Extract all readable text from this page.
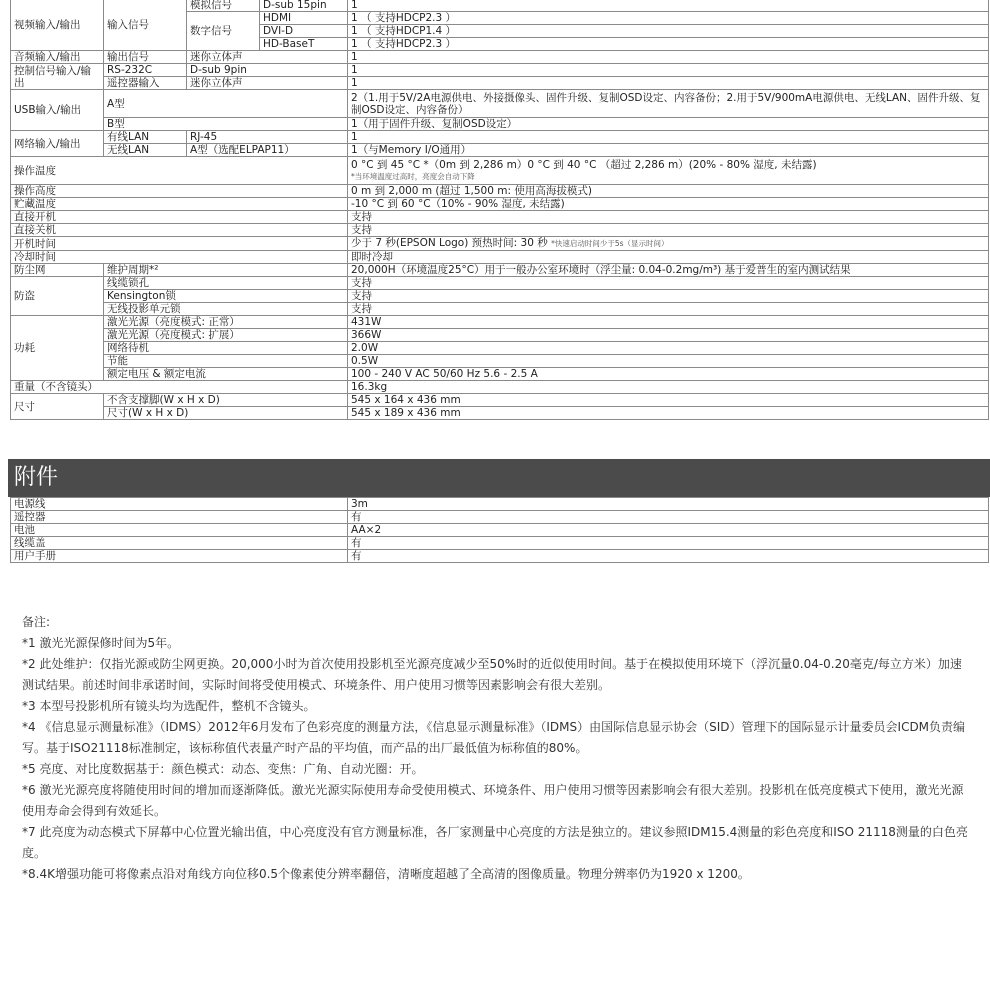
视频输入/输出	输入信号	模拟信号	D-sub 15pin	1
		数字信号	HDMI	1 （ 支持HDCP2.3 ）
			DVI-D	1 （ 支持HDCP1.4 ）
			HD-BaseT	1 （ 支持HDCP2.3 ）
音频输入/输出	输出信号	迷你立体声		1
控制信号输入/输出	RS-232C	D-sub 9pin		1
	遥控器输入	迷你立体声		1
USB输入/输出	A型			2（1.用于5V/2A电源供电、外接摄像头、固件升级、复制OSD设定、内容备份；2.用于5V/900mA电源供电、无线LAN、固件升级、复制OSD设定、内容备份）
	B型			1（用于固件升级、复制OSD设定）
网络输入/输出	有线LAN	RJ-45		1
	无线LAN	A型（选配ELPAP11）		1（与Memory I/O通用）
操作温度				0 °C 到 45 °C *（0m 到 2,286 m）0 °C 到 40 °C （超过 2,286 m）(20% - 80% 湿度, 未结露)
*当环境温度过高时，亮度会自动下降

操作高度				0 m 到 2,000 m (超过 1,500 m: 使用高海拔模式)
贮藏温度				-10 °C 到 60 °C（10% - 90% 湿度, 未结露)
直接开机				支持
直接关机				支持
开机时间				少于 7 秒(EPSON Logo) 预热时间: 30 秒 *快速启动时间少于5s（显示时间）
冷却时间				即时冷却
防尘网	维护周期*²			20,000H（环境温度25°C）用于一般办公室环境时（浮尘量: 0.04-0.2mg/m³) 基于爱普生的室内测试结果
防盗	线缆锁孔			支持
	Kensington锁			支持
	无线投影单元锁			支持
功耗	激光光源（亮度模式: 正常）			431W
	激光光源（亮度模式: 扩展）			366W
	网络待机			2.0W
	节能			0.5W
	额定电压 & 额定电流			100 - 240 V AC 50/60 Hz 5.6 - 2.5 A
重量（不含镜头）				16.3kg
尺寸	不含支撑脚(W x H x D)			545 x 164 x 436 mm
	尺寸(W x H x D)			545 x 189 x 436 mm
附件
电源线	3m
遥控器	有
电池	AA×2
线缆盖	有
用户手册	有

备注:

*1 激光光源保修时间为5年。

*2 此处维护：仅指光源或防尘网更换。20,000小时为首次使用投影机至光源亮度减少至50%时的近似使用时间。基于在模拟使用环境下（浮沉量0.04-0.20毫克/每立方米）加速测试结果。前述时间非承诺时间，实际时间将受使用模式、环境条件、用户使用习惯等因素影响会有很大差别。

*3 本型号投影机所有镜头均为选配件，整机不含镜头。

*4 《信息显示测量标准》（IDMS）2012年6月发布了色彩亮度的测量方法，《信息显示测量标准》（IDMS）由国际信息显示协会（SID）管理下的国际显示计量委员会ICDM负责编写。基于ISO21118标准制定，该标称值代表量产时产品的平均值，而产品的出厂最低值为标称值的80%。

*5 亮度、对比度数据基于：颜色模式：动态、变焦：广角、自动光圈：开。

*6 激光光源亮度将随使用时间的增加而逐渐降低。激光光源实际使用寿命受使用模式、环境条件、用户使用习惯等因素影响会有很大差别。投影机在低亮度模式下使用，激光光源使用寿命会得到有效延长。

*7 此亮度为动态模式下屏幕中心位置光输出值，中心亮度没有官方测量标准，各厂家测量中心亮度的方法是独立的。建议参照IDM15.4测量的彩色亮度和ISO 21118测量的白色亮度。

*8.4K增强功能可将像素点沿对角线方向位移0.5个像素使分辨率翻倍，清晰度超越了全高清的图像质量。物理分辨率仍为1920 x 1200。
